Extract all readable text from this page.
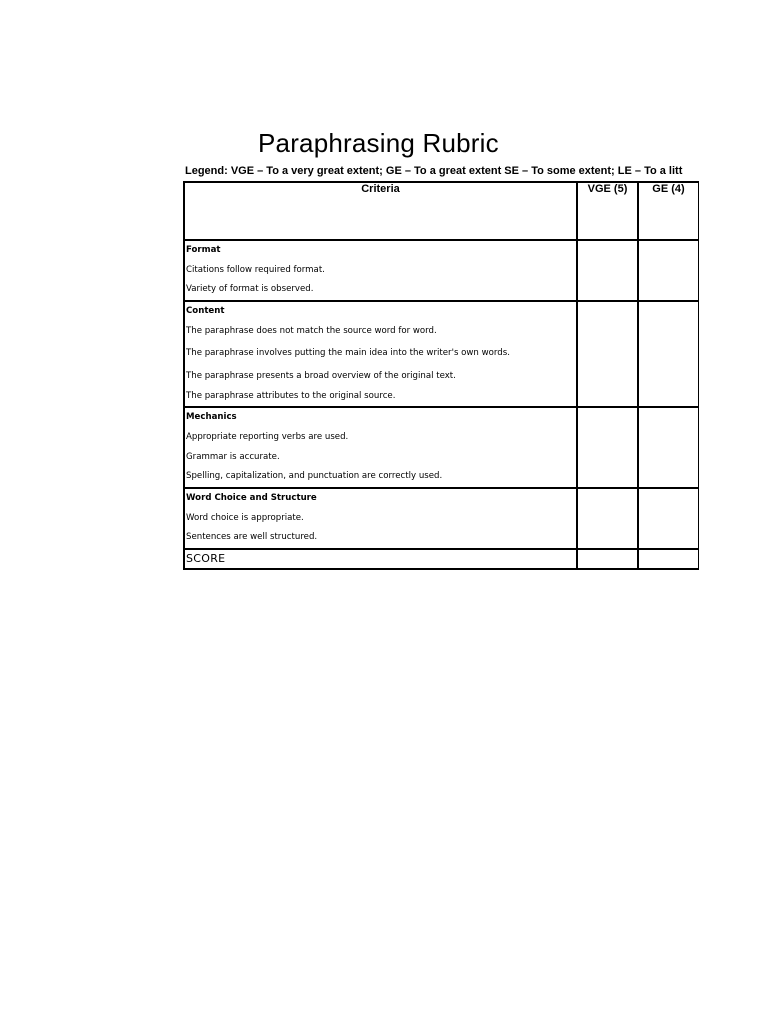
Paraphrasing Rubric
Legend: VGE – To a very great extent; GE – To a great extent SE – To some extent; LE – To a litt
Criteria	VGE (5)	GE (4)	

Format
Citations follow required format.
Variety of format is observed.			

Content
The paraphrase does not match the source word for word.
The paraphrase involves putting the main idea into the writer's own words.
The paraphrase presents a broad overview of the original text.
The paraphrase attributes to the original source.			

Mechanics
Appropriate reporting verbs are used.
Grammar is accurate.
Spelling, capitalization, and punctuation are correctly used.			

Word Choice and Structure
Word choice is appropriate.
Sentences are well structured.			

SCORE			
